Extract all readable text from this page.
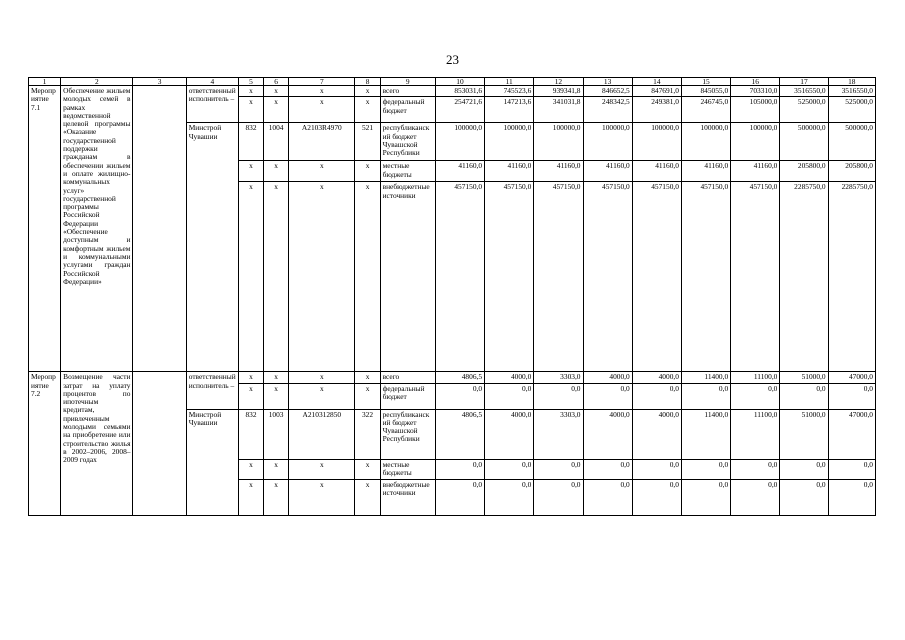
23
1	2	3	4	5	6	7	8	9	10	11	12	13	14	15	16	17	18
Мероприятие 7.1	Обеспечение жильем молодых семей в рамках ведомственной целевой программы «Оказание государственной поддержки гражданам в обеспечении жильем и оплате жилищно-коммунальных услуг» государственной программы Российской Федерации «Обеспечение доступным и комфортным жильем и коммунальными услугами граждан Российской Федерации»		ответственный исполнитель –	x	x	x	x	всего	853031,6	745523,6	939341,8	846652,5	847691,0	845055,0	703310,0	3516550,0	3516550,0
				x	x	x	x	федеральный бюджет	254721,6	147213,6	341031,8	248342,5	249381,0	246745,0	105000,0	525000,0	525000,0
			Минстрой Чувашии	832	1004	A2103R4970	521	республиканский бюджет Чувашской Республики	100000,0	100000,0	100000,0	100000,0	100000,0	100000,0	100000,0	500000,0	500000,0
				x	x	x	x	местные бюджеты	41160,0	41160,0	41160,0	41160,0	41160,0	41160,0	41160,0	205800,0	205800,0
				x	x	x	x	внебюджетные источники	457150,0	457150,0	457150,0	457150,0	457150,0	457150,0	457150,0	2285750,0	2285750,0
Мероприятие 7.2	Возмещение части затрат на уплату процентов по ипотечным кредитам, привлеченным молодыми семьями на приобретение или строительство жилья в 2002–2006, 2008–2009 годах		ответственный исполнитель –	x	x	x	x	всего	4806,5	4000,0	3303,0	4000,0	4000,0	11400,0	11100,0	51000,0	47000,0
				x	x	x	x	федеральный бюджет	0,0	0,0	0,0	0,0	0,0	0,0	0,0	0,0	0,0
			Минстрой Чувашии	832	1003	A210312850	322	республиканский бюджет Чувашской Республики	4806,5	4000,0	3303,0	4000,0	4000,0	11400,0	11100,0	51000,0	47000,0
				x	x	x	x	местные бюджеты	0,0	0,0	0,0	0,0	0,0	0,0	0,0	0,0	0,0
				x	x	x	x	внебюджетные источники	0,0	0,0	0,0	0,0	0,0	0,0	0,0	0,0	0,0
